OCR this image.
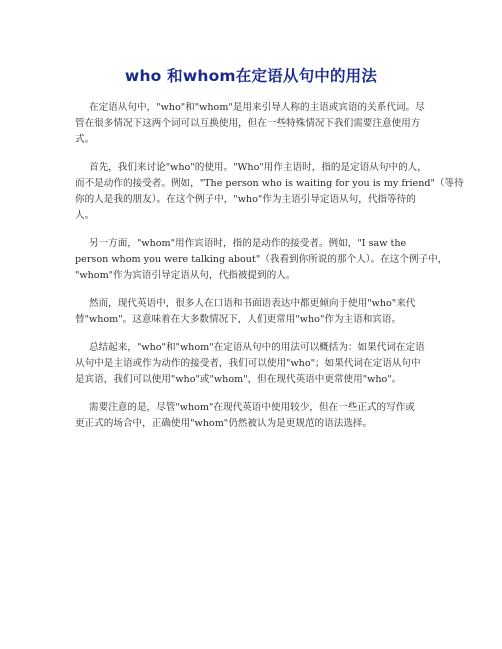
who 和whom在定语从句中的用法

在定语从句中，"who"和"whom"是用来引导人称的主语或宾语的关系代词。尽
管在很多情况下这两个词可以互换使用，但在一些特殊情况下我们需要注意使用方
式。

首先，我们来讨论"who"的使用。"Who"用作主语时，指的是定语从句中的人，
而不是动作的接受者。例如，"The person who is waiting for you is my friend"（等待
你的人是我的朋友）。在这个例子中，"who"作为主语引导定语从句，代指等待的
人。

另一方面，"whom"用作宾语时，指的是动作的接受者。例如，"I saw the
person whom you were talking about"（我看到你所说的那个人）。在这个例子中，
"whom"作为宾语引导定语从句，代指被提到的人。

然而，现代英语中，很多人在口语和书面语表达中都更倾向于使用"who"来代
替"whom"。这意味着在大多数情况下，人们更常用"who"作为主语和宾语。

总结起来，"who"和"whom"在定语从句中的用法可以概括为：如果代词在定语
从句中是主语或作为动作的接受者，我们可以使用"who"；如果代词在定语从句中
是宾语，我们可以使用"who"或"whom"，但在现代英语中更常使用"who"。

需要注意的是，尽管"whom"在现代英语中使用较少，但在一些正式的写作或
更正式的场合中，正确使用"whom"仍然被认为是更规范的语法选择。
